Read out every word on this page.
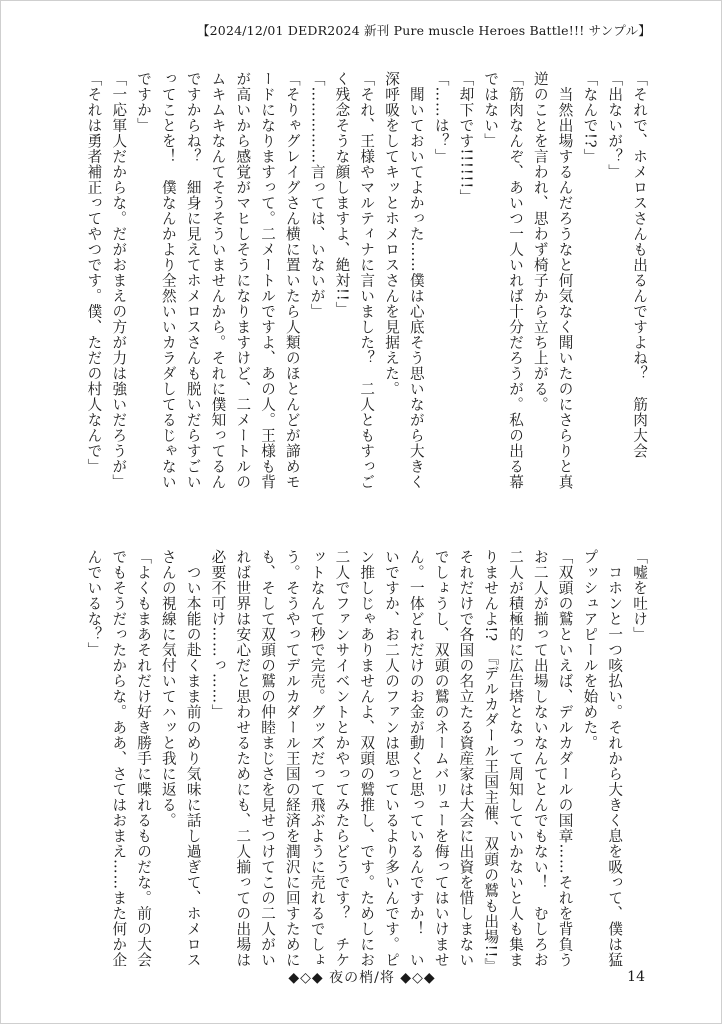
【2024/12/01 DEDR2024 新刊 Pure muscle Heroes Battle!!! サンプル】
「それで、ホメロスさんも出るんですよね？　筋肉大会
「出ないが？」
「なんで!?」
　当然出場するんだろうなと何気なく聞いたのにさらりと真
逆のことを言われ、思わず椅子から立ち上がる。
「筋肉なんぞ、あいつ一人いれば十分だろうが。私の出る幕
ではない」
「却下です!!!!!!」
「……は？」
　聞いておいてよかった……僕は心底そう思いながら大きく
深呼吸をしてキッとホメロスさんを見据えた。
「それ、王様やマルティナに言いました？　二人ともすっご
く残念そうな顔しますよ、絶対!!」
「……………言っては、いないが」
「そりゃグレイグさん横に置いたら人類のほとんどが諦めモ
ードになりますって。二メートルですよ、あの人。王様も背
が高いから感覚がマヒしそうになりますけど、二メートルの
ムキムキなんてそうそういませんから。それに僕知ってるん
ですからね？　細身に見えてホメロスさんも脱いだらすごい
ってことを！　僕なんかより全然いいカラダしてるじゃない
ですか」
「一応軍人だからな。だがおまえの方が力は強いだろうが」
「それは勇者補正ってやつです。僕、ただの村人なんで」
「嘘を吐け」
　コホンと一つ咳払い。それから大きく息を吸って、僕は猛
プッシュアピールを始めた。
「双頭の鷲といえば、デルカダールの国章……それを背負う
お二人が揃って出場しないなんてとんでもない！　むしろお
二人が積極的に広告塔となって周知していかないと人も集ま
りませんよ!?　『デルカダール王国主催、双頭の鷲も出場!!』
それだけで各国の名立たる資産家は大会に出資を惜しまない
でしょうし、双頭の鷲のネームバリューを侮ってはいけませ
ん。一体どれだけのお金が動くと思っているんですか！　い
いですか、お二人のファンは思っているより多いんです。ピ
ン推しじゃありませんよ、双頭の鷲推し、です。ためしにお
二人でファンサイベントとかやってみたらどうです？　チケ
ットなんて秒で完売。グッズだって飛ぶように売れるでしょ
う。そうやってデルカダール王国の経済を潤沢に回すために
も、そして双頭の鷲の仲睦まじさを見せつけてこの二人がい
れば世界は安心だと思わせるためにも、二人揃っての出場は
必要不可け……っ……」
　つい本能の赴くまま前のめり気味に話し過ぎて、ホメロス
さんの視線に気付いてハッと我に返る。
「よくもまあそれだけ好き勝手に喋れるものだな。前の大会
でもそうだったからな。ああ、さてはおまえ……また何か企
んでいるな？」
◆◇◆ 夜の梢/将 ◆◇◆	14
